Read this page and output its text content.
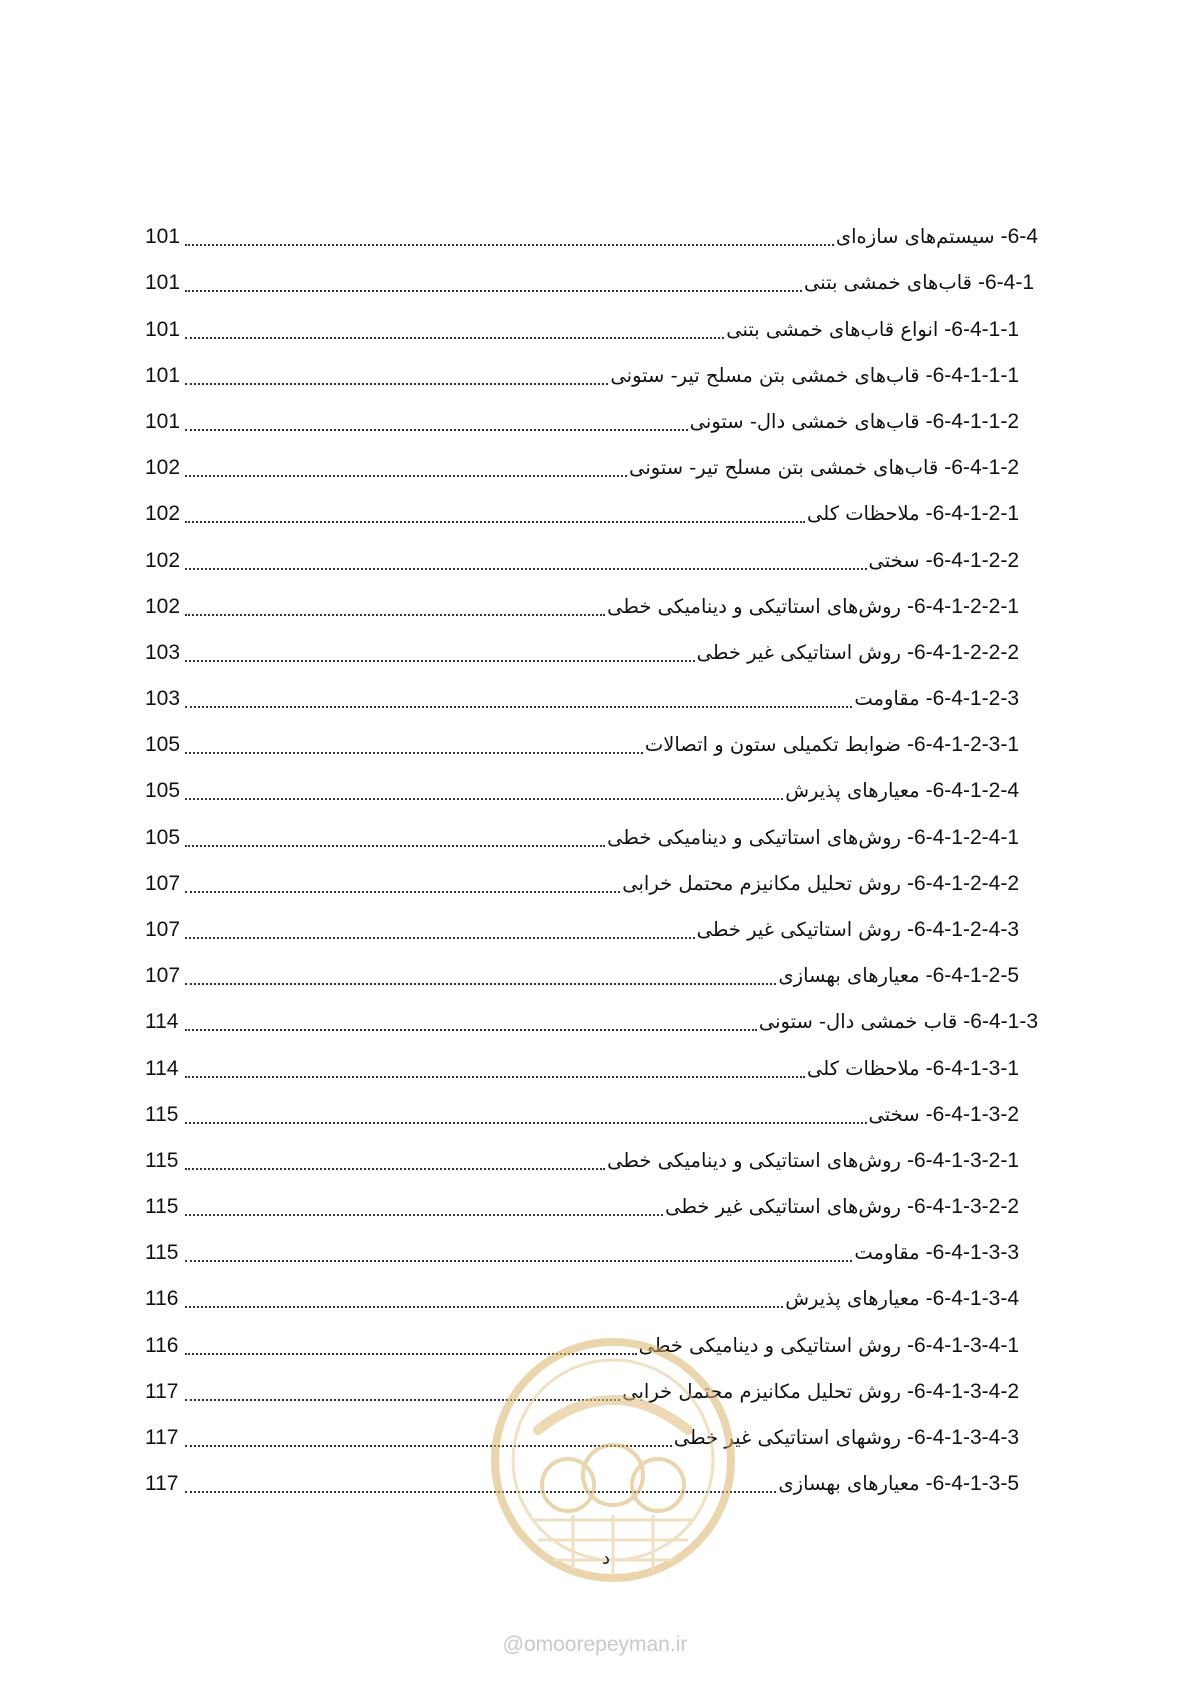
6-4-سیستم‌های سازه‌ای
101
6-4-1-قاب‌های خمشی بتنی
101
6-4-1-1-انواع قاب‌های خمشی بتنی
101
6-4-1-1-1-قاب‌های خمشی بتن مسلح تیر- ستونی
101
6-4-1-1-2-قاب‌های خمشی دال- ستونی
101
6-4-1-2-قاب‌های خمشی بتن مسلح تیر- ستونی
102
6-4-1-2-1-ملاحظات کلی
102
6-4-1-2-2-سختی
102
6-4-1-2-2-1-روش‌های استاتیکی و دینامیکی خطی
102
6-4-1-2-2-2-روش استاتیکی غیر خطی
103
6-4-1-2-3-مقاومت
103
6-4-1-2-3-1-ضوابط تکمیلی ستون و اتصالات
105
6-4-1-2-4-معیارهای پذیرش
105
6-4-1-2-4-1-روش‌های استاتیکی و دینامیکی خطی
105
6-4-1-2-4-2-روش تحلیل مکانیزم محتمل خرابی
107
6-4-1-2-4-3-روش استاتیکی غیر خطی
107
6-4-1-2-5-معیارهای بهسازی
107
6-4-1-3-قاب خمشی دال- ستونی
114
6-4-1-3-1-ملاحظات کلی
114
6-4-1-3-2-سختی
115
6-4-1-3-2-1-روش‌های استاتیکی و دینامیکی خطی
115
6-4-1-3-2-2-روش‌های استاتیکی غیر خطی
115
6-4-1-3-3-مقاومت
115
6-4-1-3-4-معیارهای پذیرش
116
6-4-1-3-4-1-روش استاتیکی و دینامیکی خطی
116
6-4-1-3-4-2-روش تحلیل مکانیزم محتمل خرابی
117
6-4-1-3-4-3-روشهای استاتیکی غیر خطی
117
6-4-1-3-5-معیارهای بهسازی
117
د
@omoorepeyman.ir
